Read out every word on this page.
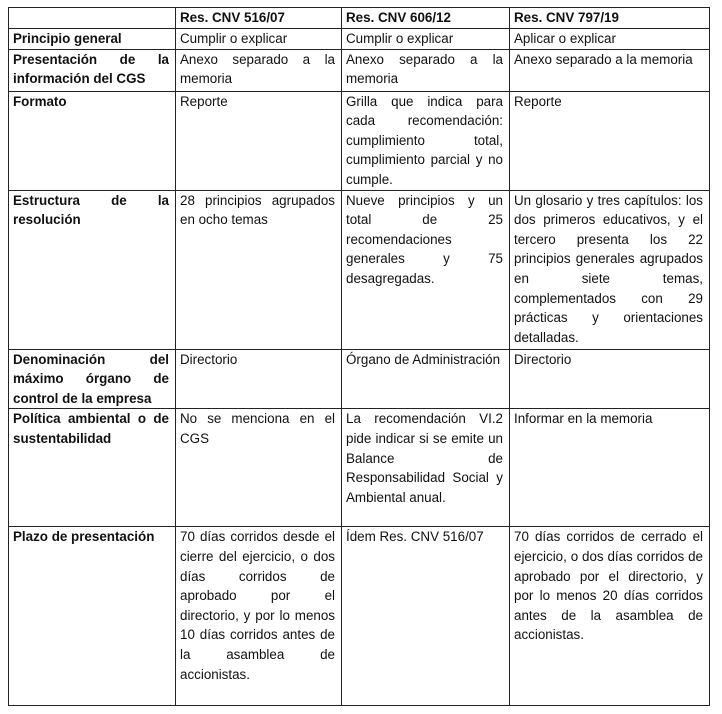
	Res. CNV 516/07	Res. CNV 606/12	Res. CNV 797/19
Principio general	Cumplir o explicar	Cumplir o explicar	Aplicar o explicar
Presentación de la información del CGS	Anexo separado a la memoria	Anexo separado a la memoria	Anexo separado a la memoria
Formato	Reporte	Grilla que indica para cada recomendación: cumplimiento total, cumplimiento parcial y no cumple.	Reporte
Estructura de la resolución	28 principios agrupados en ocho temas	Nueve principios y un total de 25 recomendaciones generales y 75 desagregadas.	Un glosario y tres capítulos: los dos primeros educativos, y el tercero presenta los 22 principios generales agrupados en siete temas, complementados con 29 prácticas y orientaciones detalladas.
Denominación del máximo órgano de control de la empresa	Directorio	Órgano de Administración	Directorio
Política ambiental o de sustentabilidad	No se menciona en el CGS	La recomendación VI.2 pide indicar si se emite un Balance de Responsabilidad Social y Ambiental anual.	Informar en la memoria
Plazo de presentación	70 días corridos desde el cierre del ejercicio, o dos días corridos de aprobado por el directorio, y por lo menos 10 días corridos antes de la asamblea de accionistas.	Ídem Res. CNV 516/07	70 días corridos de cerrado el ejercicio, o dos días corridos de aprobado por el directorio, y por lo menos 20 días corridos antes de la asamblea de accionistas.
